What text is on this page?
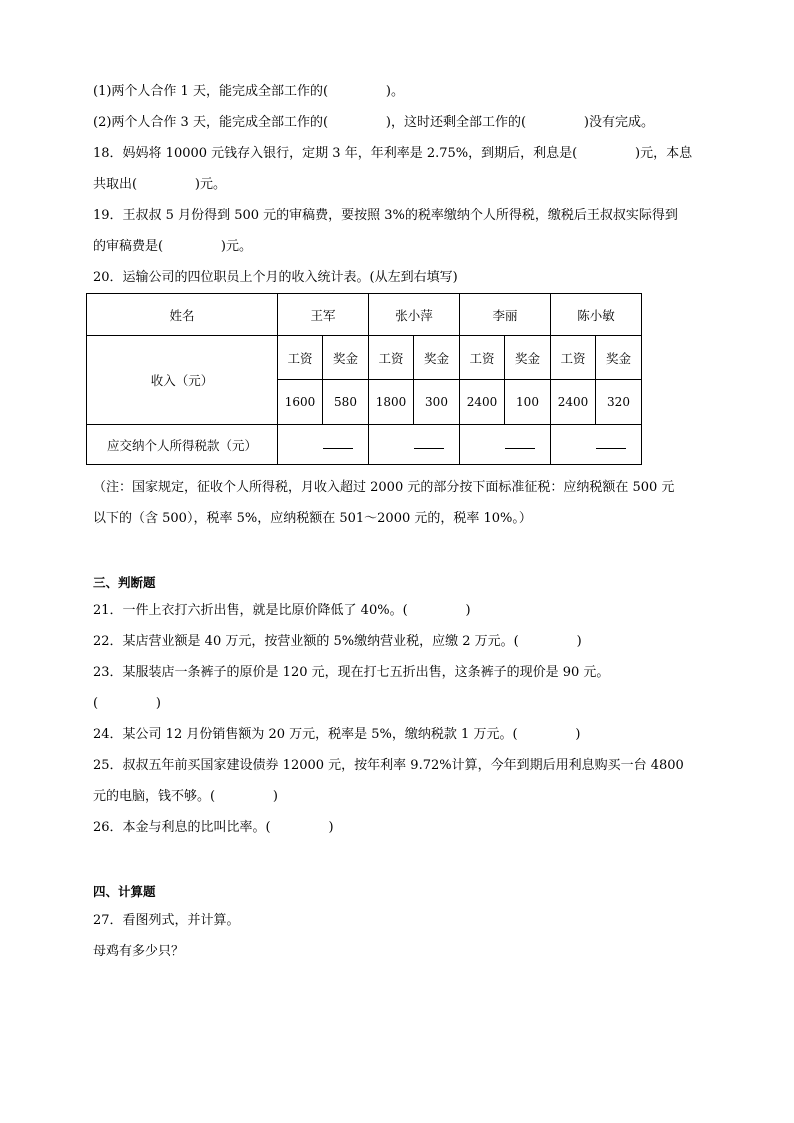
(1)两个人合作 1 天，能完成全部工作的(              )。
(2)两个人合作 3 天，能完成全部工作的(              )，这时还剩全部工作的(              )没有完成。
18．妈妈将 10000 元钱存入银行，定期 3 年，年利率是 2.75%，到期后，利息是(              )元，本息
共取出(              )元。
19．王叔叔 5 月份得到 500 元的审稿费，要按照 3%的税率缴纳个人所得税，缴税后王叔叔实际得到
的审稿费是(              )元。
20．运输公司的四位职员上个月的收入统计表。(从左到右填写)
姓名	王军		张小萍		李丽		陈小敏	
收入（元）	工资	奖金	工资	奖金	工资	奖金	工资	奖金
	1600	580	1800	300	2400	100	2400	320
应交纳个人所得税款（元）								
（注：国家规定，征收个人所得税，月收入超过 2000 元的部分按下面标准征税：应纳税额在 500 元
以下的（含 500），税率 5%，应纳税额在 501～2000 元的，税率 10%。）
三、判断题
21．一件上衣打六折出售，就是比原价降低了 40%。(              )
22．某店营业额是 40 万元，按营业额的 5%缴纳营业税，应缴 2 万元。(              )
23．某服装店一条裤子的原价是 120 元，现在打七五折出售，这条裤子的现价是 90 元。
(              )
24．某公司 12 月份销售额为 20 万元，税率是 5%，缴纳税款 1 万元。(              )
25．叔叔五年前买国家建设债券 12000 元，按年利率 9.72%计算，今年到期后用利息购买一台 4800
元的电脑，钱不够。(              )
26．本金与利息的比叫比率。(              )
四、计算题
27．看图列式，并计算。
母鸡有多少只？
